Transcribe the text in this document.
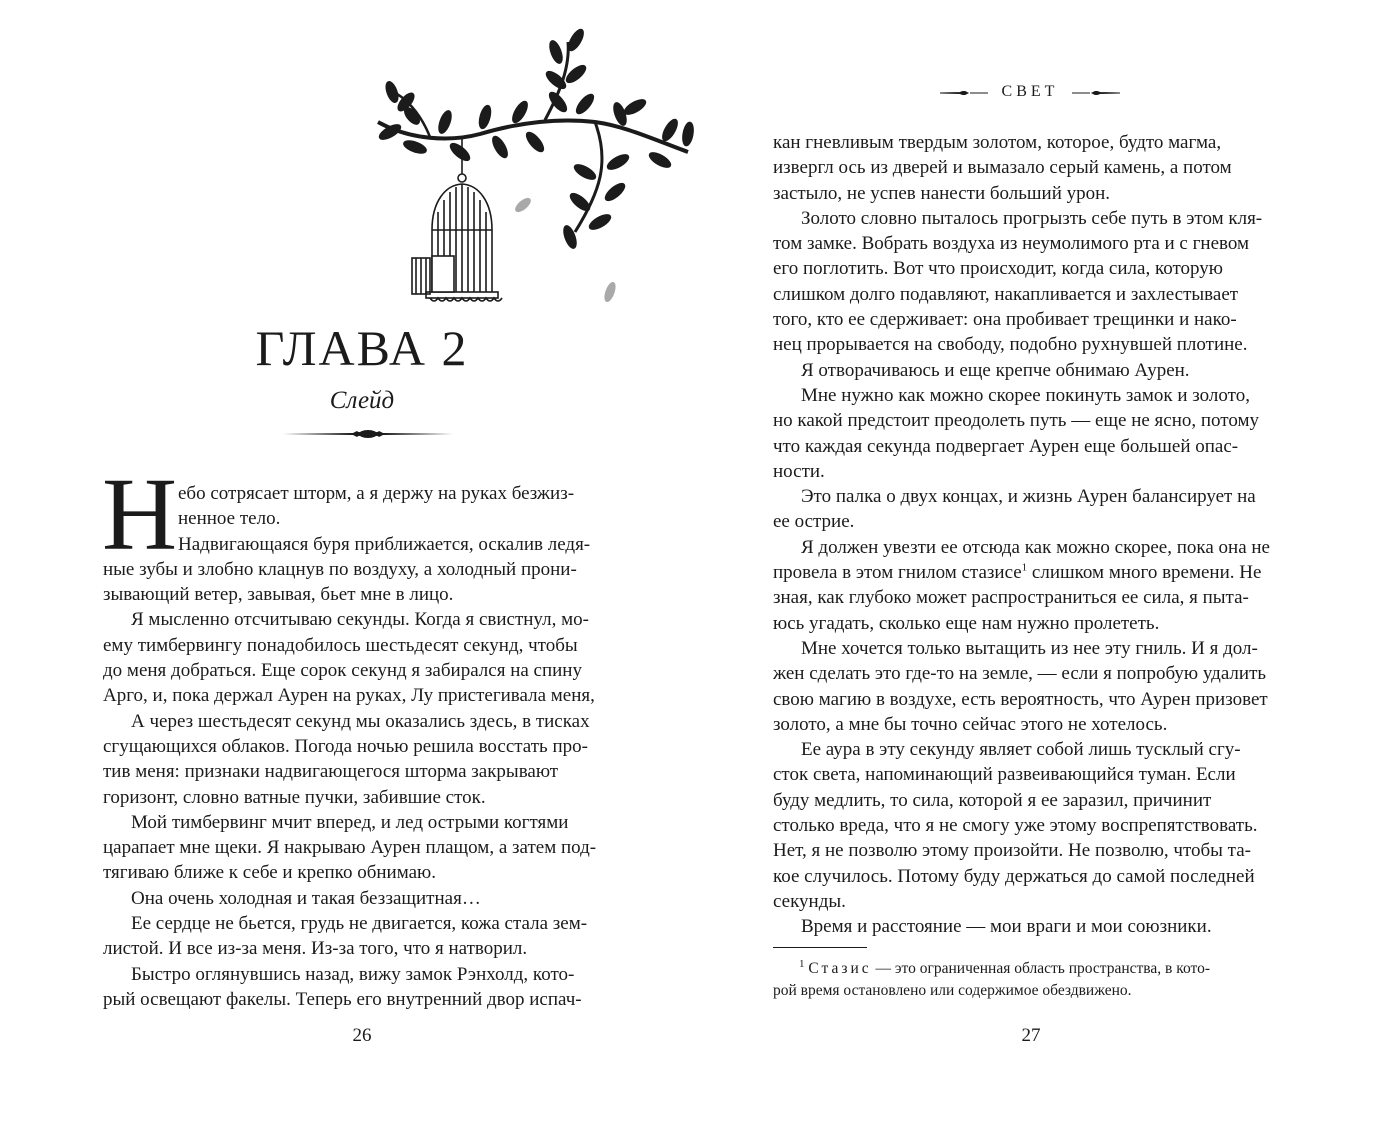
ГЛАВА 2
Слейд
Н ебо сотрясает шторм, а я держу на руках безжиз-
ненное тело.
Надвигающаяся буря приближается, оскалив ледя-
ные зубы и злобно клацнув по воздуху, а холодный прони-
зывающий ветер, завывая, бьет мне в лицо.
Я мысленно отсчитываю секунды. Когда я свистнул, мо-
ему тимбервингу понадобилось шестьдесят секунд, чтобы
до меня добраться. Еще сорок секунд я забирался на спину
Арго, и, пока держал Аурен на руках, Лу пристегивала меня,
А через шестьдесят секунд мы оказались здесь, в тисках
сгущающихся облаков. Погода ночью решила восстать про-
тив меня: признаки надвигающегося шторма закрывают
горизонт, словно ватные пучки, забившие сток.
Мой тимбервинг мчит вперед, и лед острыми когтями
царапает мне щеки. Я накрываю Аурен плащом, а затем под-
тягиваю ближе к себе и крепко обнимаю.
Она очень холодная и такая беззащитная…
Ее сердце не бьется, грудь не двигается, кожа стала зем-
листой. И все из-за меня. Из-за того, что я натворил.
Быстро оглянувшись назад, вижу замок Рэнхолд, кото-
рый освещают факелы. Теперь его внутренний двор испач-
26
СВЕТ
кан гневливым твердым золотом, которое, будто магма,
извергл ось из дверей и вымазало серый камень, а потом
застыло, не успев нанести больший урон.
Золото словно пыталось прогрызть себе путь в этом кля-
том замке. Вобрать воздуха из неумолимого рта и с гневом
его поглотить. Вот что происходит, когда сила, которую
слишком долго подавляют, накапливается и захлестывает
того, кто ее сдерживает: она пробивает трещинки и нако-
нец прорывается на свободу, подобно рухнувшей плотине.
Я отворачиваюсь и еще крепче обнимаю Аурен.
Мне нужно как можно скорее покинуть замок и золото,
но какой предстоит преодолеть путь — еще не ясно, потому
что каждая секунда подвергает Аурен еще большей опас-
ности.
Это палка о двух концах, и жизнь Аурен балансирует на
ее острие.
Я должен увезти ее отсюда как можно скорее, пока она не
провела в этом гнилом стазисе$^1$ слишком много времени. Не
зная, как глубоко может распространиться ее сила, я пыта-
юсь угадать, сколько еще нам нужно пролететь.
Мне хочется только вытащить из нее эту гниль. И я дол-
жен сделать это где-то на земле, — если я попробую удалить
свою магию в воздухе, есть вероятность, что Аурен призовет
золото, а мне бы точно сейчас этого не хотелось.
Ее аура в эту секунду являет собой лишь тусклый сгу-
сток света, напоминающий развеивающийся туман. Если
буду медлить, то сила, которой я ее заразил, причинит
столько вреда, что я не смогу уже этому воспрепятствовать.
Нет, я не позволю этому произойти. Не позволю, чтобы та-
кое случилось. Потому буду держаться до самой последней
секунды.
Время и расстояние — мои враги и мои союзники.
$^1$ Стазис — это ограниченная область пространства, в кото-
рой время остановлено или содержимое обездвижено.
27
